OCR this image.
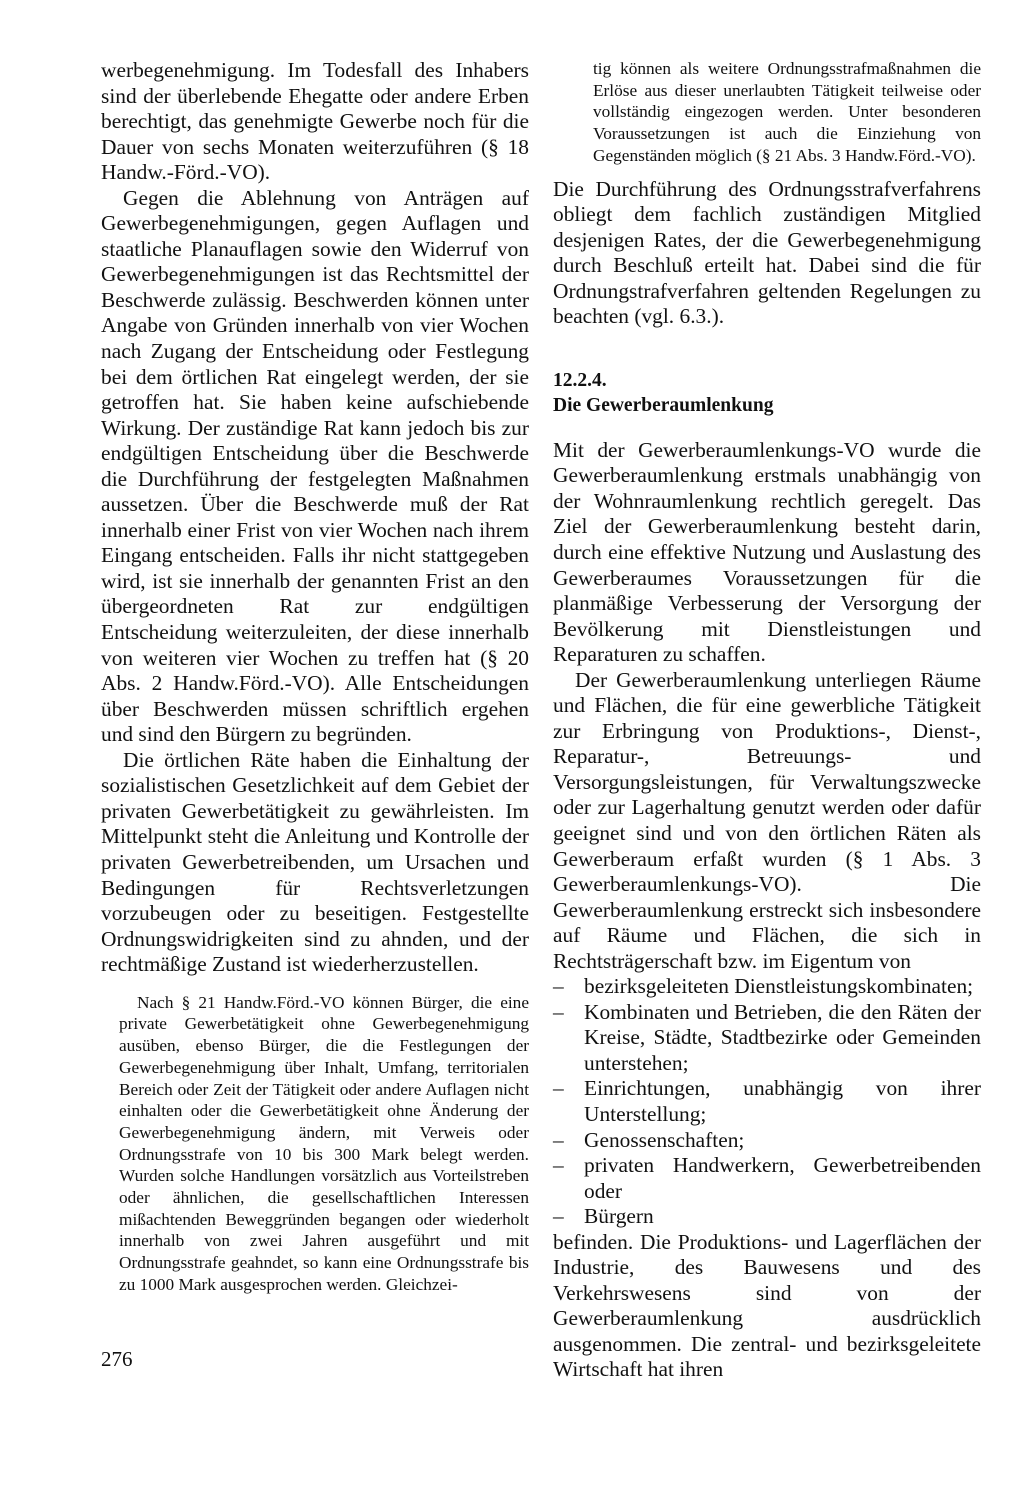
werbegenehmigung. Im Todesfall des Inhabers sind der überlebende Ehegatte oder andere Erben berechtigt, das genehmigte Gewerbe noch für die Dauer von sechs Monaten weiterzuführen (§ 18 Handw.-Förd.-VO).

Gegen die Ablehnung von Anträgen auf Gewerbegenehmigungen, gegen Auflagen und staatliche Planauflagen sowie den Widerruf von Gewerbegenehmigungen ist das Rechtsmittel der Beschwerde zulässig. Beschwerden können unter Angabe von Gründen innerhalb von vier Wochen nach Zugang der Entscheidung oder Festlegung bei dem örtlichen Rat eingelegt werden, der sie getroffen hat. Sie haben keine aufschiebende Wirkung. Der zuständige Rat kann jedoch bis zur endgültigen Entscheidung über die Beschwerde die Durchführung der festgelegten Maßnahmen aussetzen. Über die Beschwerde muß der Rat innerhalb einer Frist von vier Wochen nach ihrem Eingang entscheiden. Falls ihr nicht stattgegeben wird, ist sie innerhalb der genannten Frist an den übergeordneten Rat zur endgültigen Entscheidung weiterzuleiten, der diese innerhalb von weiteren vier Wochen zu treffen hat (§ 20 Abs. 2 Handw.Förd.-VO). Alle Entscheidungen über Beschwerden müssen schriftlich ergehen und sind den Bürgern zu begründen.

Die örtlichen Räte haben die Einhaltung der sozialistischen Gesetzlichkeit auf dem Gebiet der privaten Gewerbetätigkeit zu gewährleisten. Im Mittelpunkt steht die Anleitung und Kontrolle der privaten Gewerbetreibenden, um Ursachen und Bedingungen für Rechtsverletzungen vorzubeugen oder zu beseitigen. Festgestellte Ordnungswidrigkeiten sind zu ahnden, und der rechtmäßige Zustand ist wiederherzustellen.

Nach § 21 Handw.Förd.-VO können Bürger, die eine private Gewerbetätigkeit ohne Gewerbegenehmigung ausüben, ebenso Bürger, die die Festlegungen der Gewerbegenehmigung über Inhalt, Umfang, territorialen Bereich oder Zeit der Tätigkeit oder andere Auflagen nicht einhalten oder die Gewerbetätigkeit ohne Änderung der Gewerbegenehmigung ändern, mit Verweis oder Ordnungsstrafe von 10 bis 300 Mark belegt werden. Wurden solche Handlungen vorsätzlich aus Vorteilstreben oder ähnlichen, die gesellschaftlichen Interessen mißachtenden Beweggründen begangen oder wiederholt innerhalb von zwei Jahren ausgeführt und mit Ordnungsstrafe geahndet, so kann eine Ordnungsstrafe bis zu 1000 Mark ausgesprochen werden. Gleichzei-

tig können als weitere Ordnungsstrafmaßnahmen die Erlöse aus dieser unerlaubten Tätigkeit teilweise oder vollständig eingezogen werden. Unter besonderen Voraussetzungen ist auch die Einziehung von Gegenständen möglich (§ 21 Abs. 3 Handw.Förd.-VO).

Die Durchführung des Ordnungsstrafverfahrens obliegt dem fachlich zuständigen Mitglied desjenigen Rates, der die Gewerbegenehmigung durch Beschluß erteilt hat. Dabei sind die für Ordnungstrafverfahren geltenden Regelungen zu beachten (vgl. 6.3.).

12.2.4.

Die Gewerberaumlenkung

Mit der Gewerberaumlenkungs-VO wurde die Gewerberaumlenkung erstmals unabhängig von der Wohnraumlenkung rechtlich geregelt. Das Ziel der Gewerberaumlenkung besteht darin, durch eine effektive Nutzung und Auslastung des Gewerberaumes Voraussetzungen für die planmäßige Verbesserung der Versorgung der Bevölkerung mit Dienstleistungen und Reparaturen zu schaffen.

Der Gewerberaumlenkung unterliegen Räume und Flächen, die für eine gewerbliche Tätigkeit zur Erbringung von Produktions-, Dienst-, Reparatur-, Betreuungs- und Versorgungsleistungen, für Verwaltungszwecke oder zur Lagerhaltung genutzt werden oder dafür geeignet sind und von den örtlichen Räten als Gewerberaum erfaßt wurden (§ 1 Abs. 3 Gewerberaumlenkungs-VO). Die Gewerberaumlenkung erstreckt sich insbesondere auf Räume und Flächen, die sich in Rechtsträgerschaft bzw. im Eigentum von

– bezirksgeleiteten Dienstleistungskombinaten;
– Kombinaten und Betrieben, die den Räten der Kreise, Städte, Stadtbezirke oder Gemeinden unterstehen;
– Einrichtungen, unabhängig von ihrer Unterstellung;
– Genossenschaften;
– privaten Handwerkern, Gewerbetreibenden oder
– Bürgern

befinden. Die Produktions- und Lagerflächen der Industrie, des Bauwesens und des Verkehrswesens sind von der Gewerberaumlenkung ausdrücklich ausgenommen. Die zentral- und bezirksgeleitete Wirtschaft hat ihren

276
